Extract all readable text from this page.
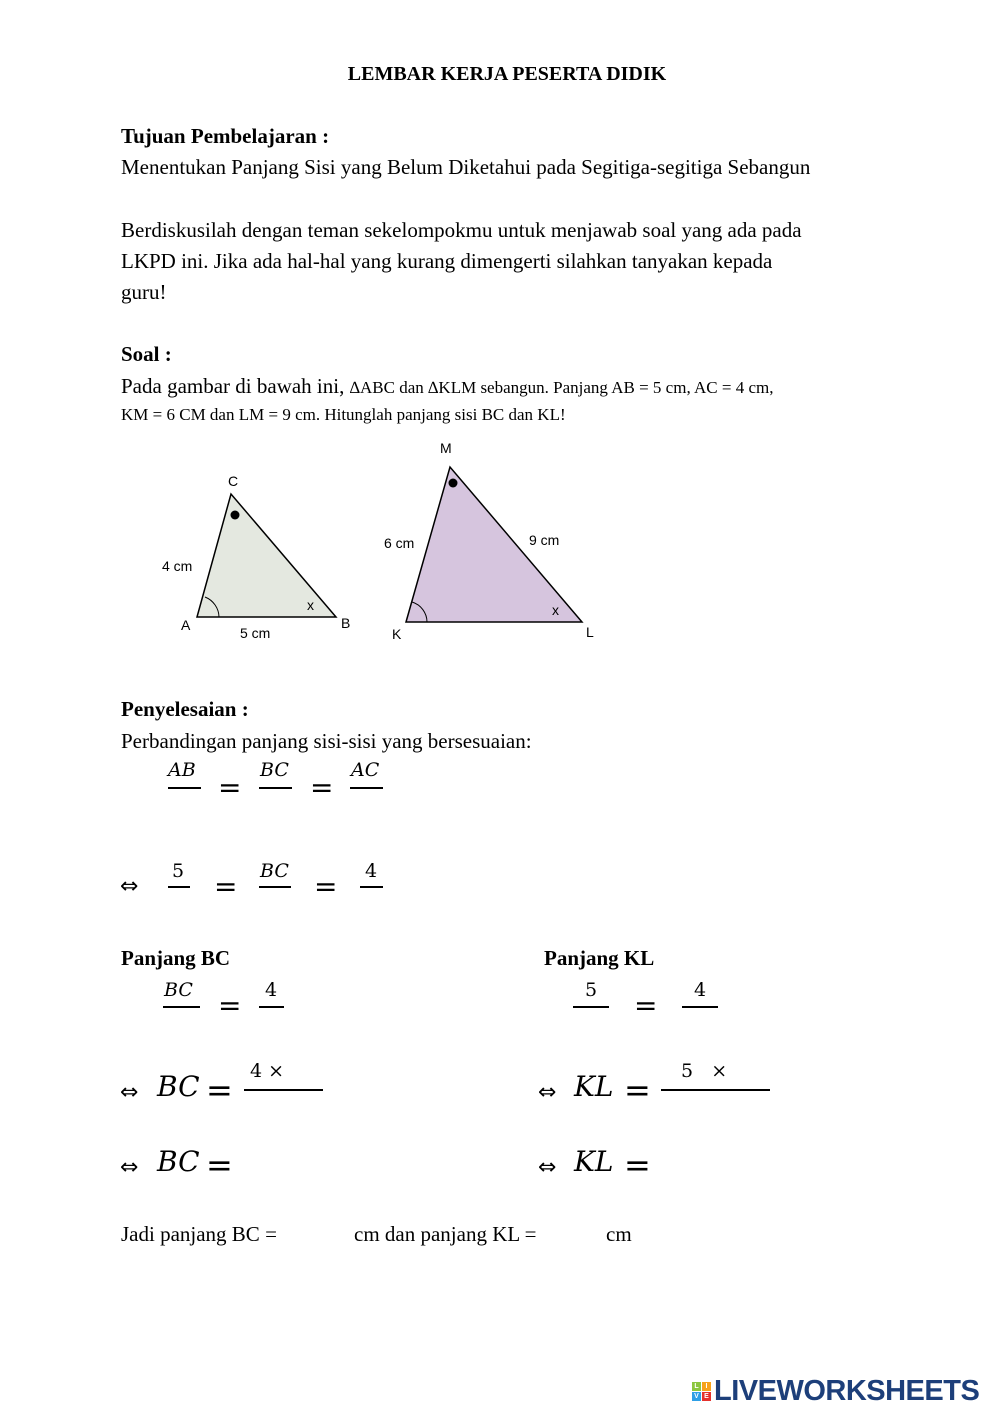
LEMBAR KERJA PESERTA DIDIK
Tujuan Pembelajaran :
Menentukan Panjang Sisi yang Belum Diketahui pada Segitiga-segitiga Sebangun
Berdiskusilah dengan teman sekelompokmu untuk menjawab soal yang ada pada
LKPD ini. Jika ada hal-hal yang kurang dimengerti silahkan tanyakan kepada
guru!
Soal :
Pada gambar di bawah ini, ∆ABC dan ∆KLM sebangun. Panjang AB = 5 cm, AC = 4 cm,
KM = 6 CM dan LM = 9 cm. Hitunglah panjang sisi BC dan KL!
C
A	B
4 cm
5 cm
x
M
K	L
6 cm	9 cm
x
Penyelesaian :
Perbandingan panjang sisi-sisi yang bersesuaian:
AB
=
BC
=
AC
⇔
5 = BC = 4
Panjang BC
BC = 4
Panjang KL
5 = 4
⇔ BC = 4 ×
⇔ KL = 5   ×
⇔ BC =	⇔ KL =
Jadi panjang BC =	cm dan panjang KL =	cm
L I
V E LIVEWORKSHEETS
